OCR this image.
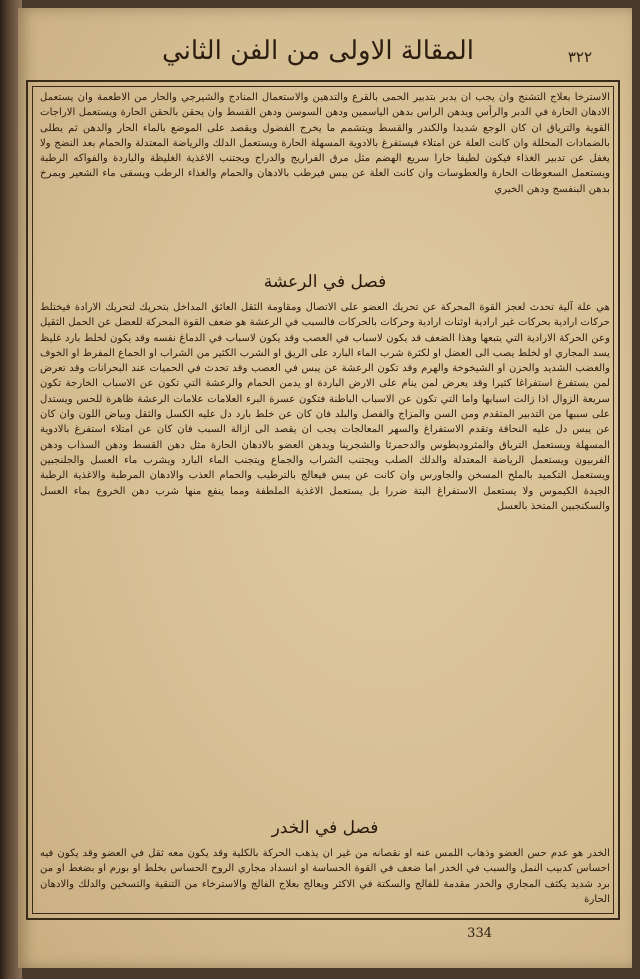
المقالة الاولى من الفن الثاني	٣٢٢
الاسترخا بعلاج التشنج وان يجب ان يدبر بتدبير الحمى بالقرع والتدهين والاستعمال المنادج والشيرجي والحار من الاطعمة وان يستعمل الادهان الحارة في الدبر والرأس ويدهن الراس بدهن الياسمين ودهن السوسن ودهن القسط وان يحقن بالحقن الحارة ويستعمل الاراجات القوية والترياق ان كان الوجع شديدا والكندر والقسط ويتشمم ما يخرج الفضول ويقصد على الموضع بالماء الحار والدهن ثم يطلى بالضمادات المحللة وان كانت العلة عن امتلاء فيستفرغ بالادوية المسهلة الحارة ويستعمل الدلك والرياضة المعتدلة والحمام بعد النضج ولا يغفل عن تدبير الغذاء فيكون لطيفا حارا سريع الهضم مثل مرق الفراريج والدراج ويجتنب الاغذية الغليظة والباردة والفواكه الرطبة ويستعمل السعوطات الحارة والعطوسات وان كانت العلة عن يبس فيرطب بالادهان والحمام والغذاء الرطب ويسقى ماء الشعير ويمرخ بدهن البنفسج ودهن الخيري
فصل في الرعشة
هي علة آلية تحدث لعجز القوة المحركة عن تحريك العضو على الاتصال ومقاومة الثقل العائق المداخل بتحريك لتحريك الارادة فيختلط حركات ارادية بحركات غير ارادية اوثنات ارادية وحركات بالحركات فالسبب في الرعشة هو ضعف القوة المحركة للعضل عن الحمل الثقيل وعن الحركة الارادية التي يتبعها وهذا الضعف قد يكون لاسباب في العصب وقد يكون لاسباب في الدماغ نفسه وقد يكون لخلط بارد غليظ يسد المجاري او لخلط يصب الى العضل او لكثرة شرب الماء البارد على الريق او الشرب الكثير من الشراب او الجماع المفرط او الخوف والغضب الشديد والحزن او الشيخوخة والهرم وقد تكون الرعشة عن يبس في العصب وقد تحدث في الحميات عند البحرانات وقد تعرض لمن يستفرغ استفراغا كثيرا وقد يعرض لمن ينام على الارض الباردة او يدمن الحمام والرعشة التي تكون عن الاسباب الخارجة تكون سريعة الزوال اذا زالت اسبابها واما التي تكون عن الاسباب الباطنة فتكون عسرة البرء العلامات علامات الرعشة ظاهرة للحس ويستدل على سببها من التدبير المتقدم ومن السن والمزاج والفصل والبلد فان كان عن خلط بارد دل عليه الكسل والثقل وبياض اللون وان كان عن يبس دل عليه النحافة وتقدم الاستفراغ والسهر المعالجات يجب ان يقصد الى ازالة السبب فان كان عن امتلاء استفرغ بالادوية المسهلة ويستعمل الترياق والمثروديطوس والدحمرثا والشجرينا ويدهن العضو بالادهان الحارة مثل دهن القسط ودهن السذاب ودهن الفربيون ويستعمل الرياضة المعتدلة والدلك الصلب ويجتنب الشراب والجماع ويتجنب الماء البارد ويشرب ماء العسل والجلنجبين ويستعمل التكميد بالملح المسخن والجاورس وان كانت عن يبس فيعالج بالترطيب والحمام العذب والادهان المرطبة والاغذية الرطبة الجيدة الكيموس ولا يستعمل الاستفراغ البتة ضررا بل يستعمل الاغذية الملطفة ومما ينفع منها شرب دهن الخروع بماء العسل والسكنجبين المتخذ بالعسل
فصل في الخدر
الخدر هو عدم حس العضو وذهاب اللمس عنه او نقصانه من غير ان يذهب الحركة بالكلية وقد يكون معه ثقل في العضو وقد يكون فيه احساس كدبيب النمل والسبب في الخدر اما ضعف في القوة الحساسة او انسداد مجاري الروح الحساس بخلط او بورم او بضغط او من برد شديد يكثف المجاري والخدر مقدمة للفالج والسكتة في الاكثر ويعالج بعلاج الفالج والاسترخاء من التنقية والتسخين والدلك والادهان الحارة
334
